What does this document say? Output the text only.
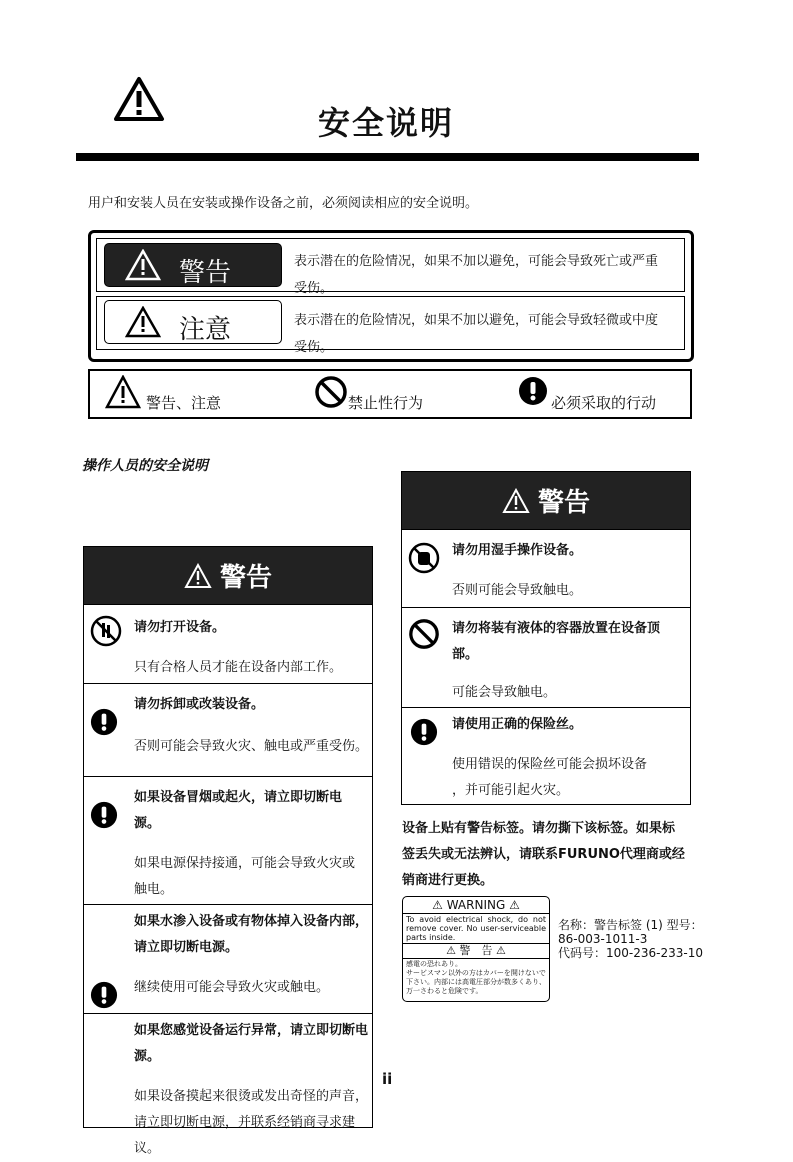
安全说明
用户和安装人员在安装或操作设备之前，必须阅读相应的安全说明。
警告
注意
表示潜在的危险情况，如果不加以避免，可能会导致死亡或严重
受伤。
表示潜在的危险情况，如果不加以避免，可能会导致轻微或中度
受伤。
警告、注意	禁止性行为	必须采取的行动
操作人员的安全说明
警告
请勿打开设备。
只有合格人员才能在设备内部工作。
请勿拆卸或改装设备。
否则可能会导致火灾、触电或严重受伤。
如果设备冒烟或起火，请立即切断电
源。
如果电源保持接通，可能会导致火灾或
触电。
如果水渗入设备或有物体掉入设备内部，
请立即切断电源。
继续使用可能会导致火灾或触电。
如果您感觉设备运行异常，请立即切断电
源。
如果设备摸起来很烫或发出奇怪的声音，
请立即切断电源，并联系经销商寻求建议。
警告
请勿用湿手操作设备。
否则可能会导致触电。
请勿将装有液体的容器放置在设备顶
部。
可能会导致触电。
请使用正确的保险丝。
使用错误的保险丝可能会损坏设备
，并可能引起火灾。
设备上贴有警告标签。请勿撕下该标签。如果标
签丢失或无法辨认，请联系FURUNO代理商或经
销商进行更换。
⚠ WARNING ⚠
To avoid electrical shock, do not remove cover. No user-serviceable parts inside.
⚠ 警　告 ⚠
感電の恐れあり。
サービスマン以外の方はカバーを開けないで下さい。内部には高電圧部分が数多くあり、万一さわると危険です。
名称：警告标签 (1) 型号：
86-003-1011-3
代码号：100-236-233-10
ii
